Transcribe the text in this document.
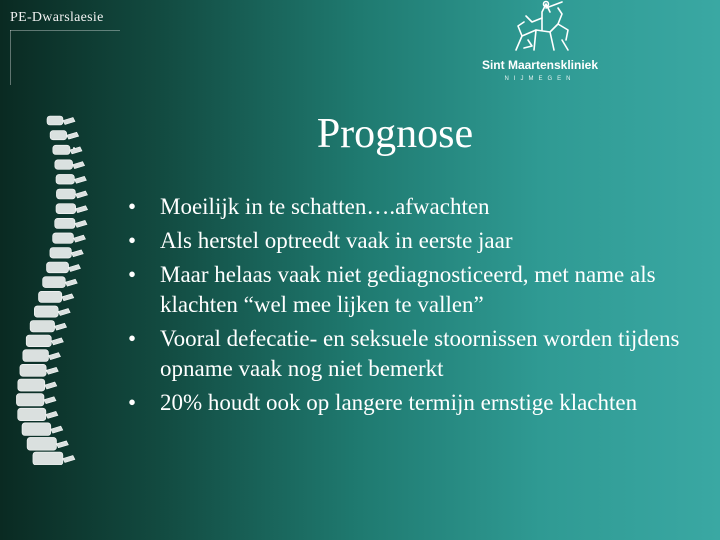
PE-Dwarslaesie
Sint Maartenskliniek
NIJMEGEN
.	Prognose
• Moeilijk in te schatten….afwachten
• Als herstel optreedt vaak in eerste jaar
• Maar helaas vaak niet gediagnosticeerd, met name als klachten “wel mee lijken te vallen”
• Vooral defecatie- en seksuele stoornissen worden tijdens opname vaak nog niet bemerkt
• 20% houdt ook op langere termijn ernstige klachten
